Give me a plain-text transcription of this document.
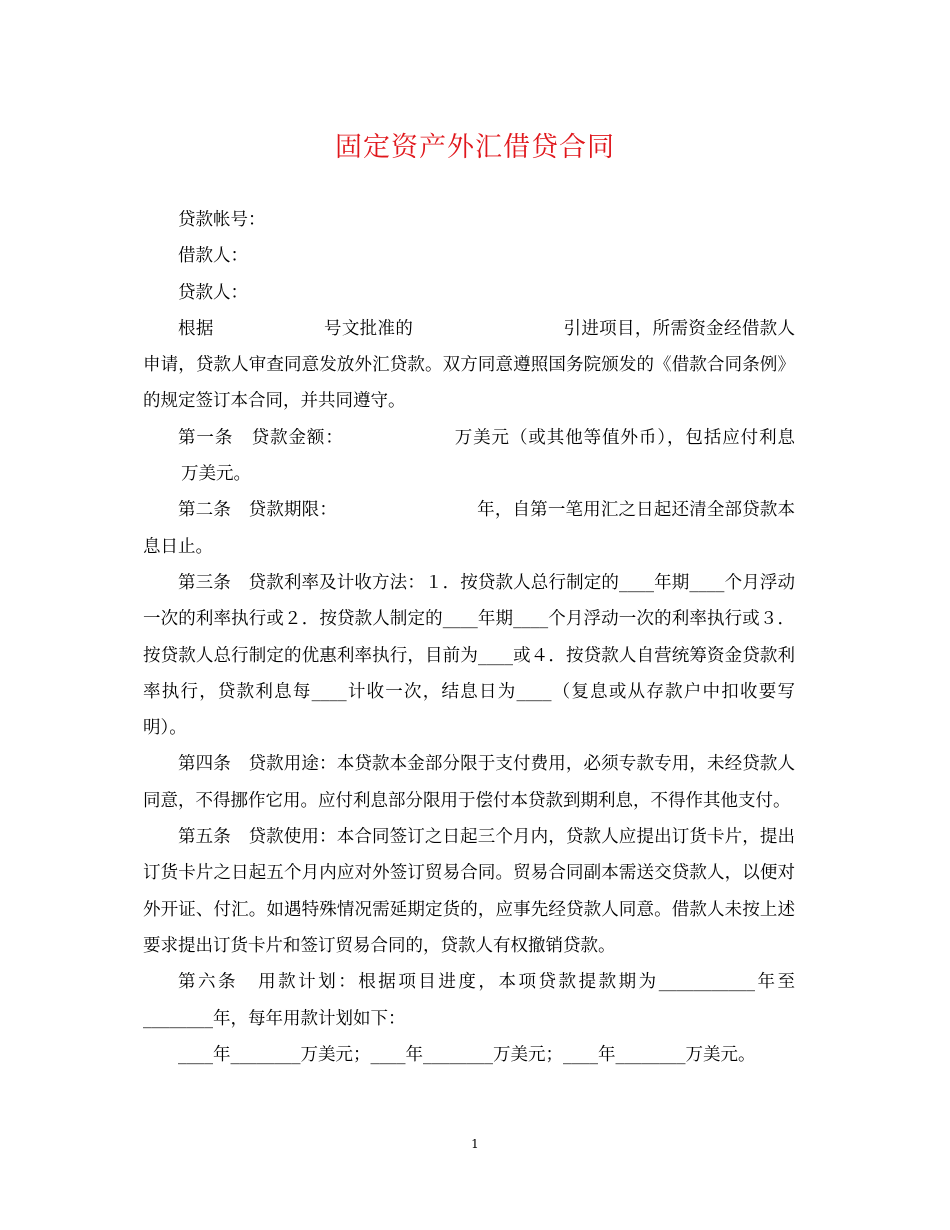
固定资产外汇借贷合同

贷款帐号：

借款人：

贷款人：

根据	号文批准的	引进项目，所需资金经借款人申请，贷款人审查同意发放外汇贷款。双方同意遵照国务院颁发的《借款合同条例》的规定签订本合同，并共同遵守。

第一条　贷款金额：	万美元（或其他等值外币），包括应付利息万美元。

第二条　贷款期限：	年，自第一笔用汇之日起还清全部贷款本息日止。

第三条　贷款利率及计收方法：１．按贷款人总行制定的____年期____个月浮动一次的利率执行或２．按贷款人制定的____年期____个月浮动一次的利率执行或３．按贷款人总行制定的优惠利率执行，目前为____或４．按贷款人自营统筹资金贷款利率执行，贷款利息每____计收一次，结息日为____（复息或从存款户中扣收要写明）。

第四条　贷款用途：本贷款本金部分限于支付费用，必须专款专用，未经贷款人同意，不得挪作它用。应付利息部分限用于偿付本贷款到期利息，不得作其他支付。

第五条　贷款使用：本合同签订之日起三个月内，贷款人应提出订货卡片，提出订货卡片之日起五个月内应对外签订贸易合同。贸易合同副本需送交贷款人，以便对外开证、付汇。如遇特殊情况需延期定货的，应事先经贷款人同意。借款人未按上述要求提出订货卡片和签订贸易合同的，贷款人有权撤销贷款。

第六条　用款计划：根据项目进度，本项贷款提款期为___________年至________年，每年用款计划如下：

____年________万美元；____年________万美元；____年________万美元。

1
